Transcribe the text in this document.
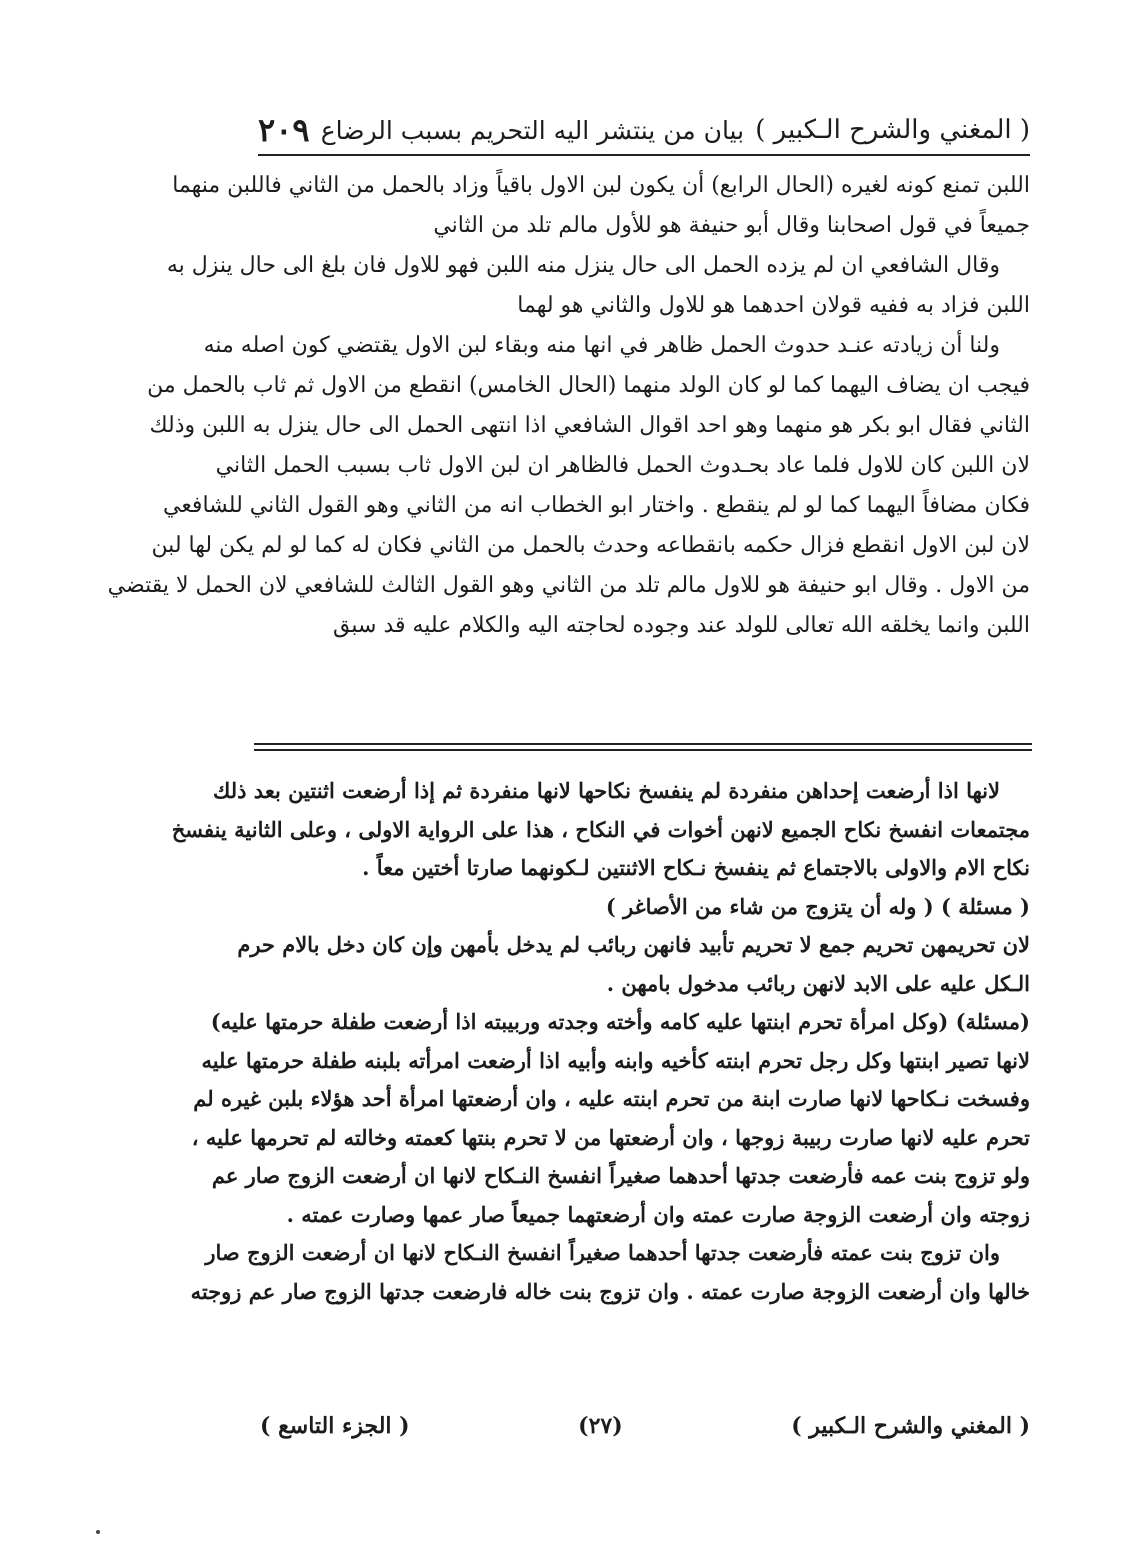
( المغني والشرح الـكبير )
بيان من ينتشر اليه التحريم بسبب الرضاع
٢٠٩
اللبن تمنع كونه لغيره (الحال الرابع) أن يكون لبن الاول باقياً وزاد بالحمل من الثاني فاللبن منهما
جميعاً في قول اصحابنا وقال أبو حنيفة هو للأول مالم تلد من الثاني
وقال الشافعي ان لم يزده الحمل الى حال ينزل منه اللبن فهو للاول فان بلغ الى حال ينزل به
اللبن فزاد به ففيه قولان احدهما هو للاول والثاني هو لهما
ولنا أن زيادته عنـد حدوث الحمل ظاهر في انها منه وبقاء لبن الاول يقتضي كون اصله منه
فيجب ان يضاف اليهما كما لو كان الولد منهما (الحال الخامس) انقطع من الاول ثم ثاب بالحمل من
الثاني فقال ابو بكر هو منهما وهو احد اقوال الشافعي اذا انتهى الحمل الى حال ينزل به اللبن وذلك
لان اللبن كان للاول فلما عاد بحـدوث الحمل فالظاهر ان لبن الاول ثاب بسبب الحمل الثاني
فكان مضافاً اليهما كما لو لم ينقطع . واختار ابو الخطاب انه من الثاني وهو القول الثاني للشافعي
لان لبن الاول انقطع فزال حكمه بانقطاعه وحدث بالحمل من الثاني فكان له كما لو لم يكن لها لبن
من الاول . وقال ابو حنيفة هو للاول مالم تلد من الثاني وهو القول الثالث للشافعي لان الحمل لا يقتضي
اللبن وانما يخلقه الله تعالى للولد عند وجوده لحاجته اليه والكلام عليه قد سبق
لانها اذا أرضعت إحداهن منفردة لم ينفسخ نكاحها لانها منفردة ثم إذا أرضعت اثنتين بعد ذلك
مجتمعات انفسخ نكاح الجميع لانهن أخوات في النكاح ، هذا على الرواية الاولى ، وعلى الثانية ينفسخ
نكاح الام والاولى بالاجتماع ثم ينفسخ نـكاح الاثنتين لـكونهما صارتا أختين معاً .
( مسئلة ) ( وله أن يتزوج من شاء من الأصاغر )
لان تحريمهن تحريم جمع لا تحريم تأبيد فانهن ربائب لم يدخل بأمهن وإن كان دخل بالام حرم
الـكل عليه على الابد لانهن ربائب مدخول بامهن .
(مسئلة) (وكل امرأة تحرم ابنتها عليه كامه وأخته وجدته وربيبته اذا أرضعت طفلة حرمتها عليه)
لانها تصير ابنتها وكل رجل تحرم ابنته كأخيه وابنه وأبيه اذا أرضعت امرأته بلبنه طفلة حرمتها عليه
وفسخت نـكاحها لانها صارت ابنة من تحرم ابنته عليه ، وان أرضعتها امرأة أحد هؤلاء بلبن غيره لم
تحرم عليه لانها صارت ربيبة زوجها ، وان أرضعتها من لا تحرم بنتها كعمته وخالته لم تحرمها عليه ،
ولو تزوج بنت عمه فأرضعت جدتها أحدهما صغيراً انفسخ النـكاح لانها ان أرضعت الزوج صار عم
زوجته وان أرضعت الزوجة صارت عمته وان أرضعتهما جميعاً صار عمها وصارت عمته .
وان تزوج بنت عمته فأرضعت جدتها أحدهما صغيراً انفسخ النـكاح لانها ان أرضعت الزوج صار
خالها وان أرضعت الزوجة صارت عمته . وان تزوج بنت خاله فارضعت جدتها الزوج صار عم زوجته
( المغني والشرح الـكبير )
(٢٧)
( الجزء التاسع )
